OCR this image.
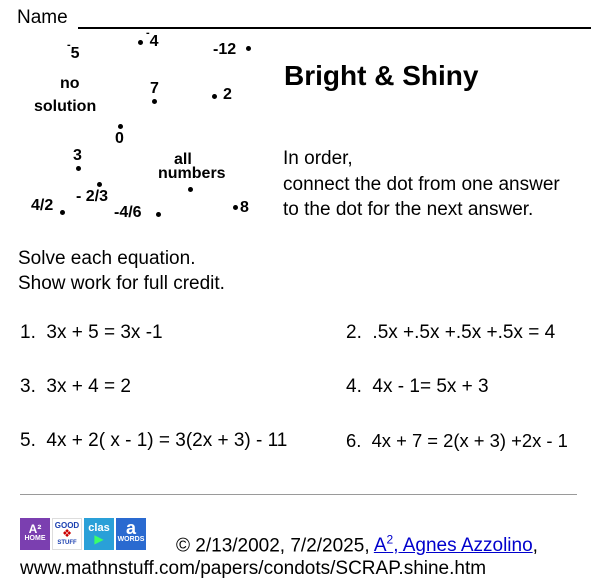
Name
-5
-4	-12
no
solution
7	2
0
3	all
numbers
- 2/3
4/2	-4/6	8
Bright & Shiny
In order,
connect the dot from one answer
to the dot for the next answer.
Solve each equation.
Show work for full credit.
1. 3x + 5 = 3x -1	2. .5x +.5x +.5x +.5x = 4
3. 3x + 4 = 2	4. 4x - 1= 5x + 3
5. 4x + 2( x - 1) = 3(2x + 3) - 11	6. 4x + 7 = 2(x + 3) +2x - 1
A²
HOME
GOOD
❖
STUFF
clas
▶
a
WORDS © 2/13/2002, 7/2/2025, $A^2$, Agnes Azzolino,
www.mathnstuff.com/papers/condots/SCRAP.shine.htm
